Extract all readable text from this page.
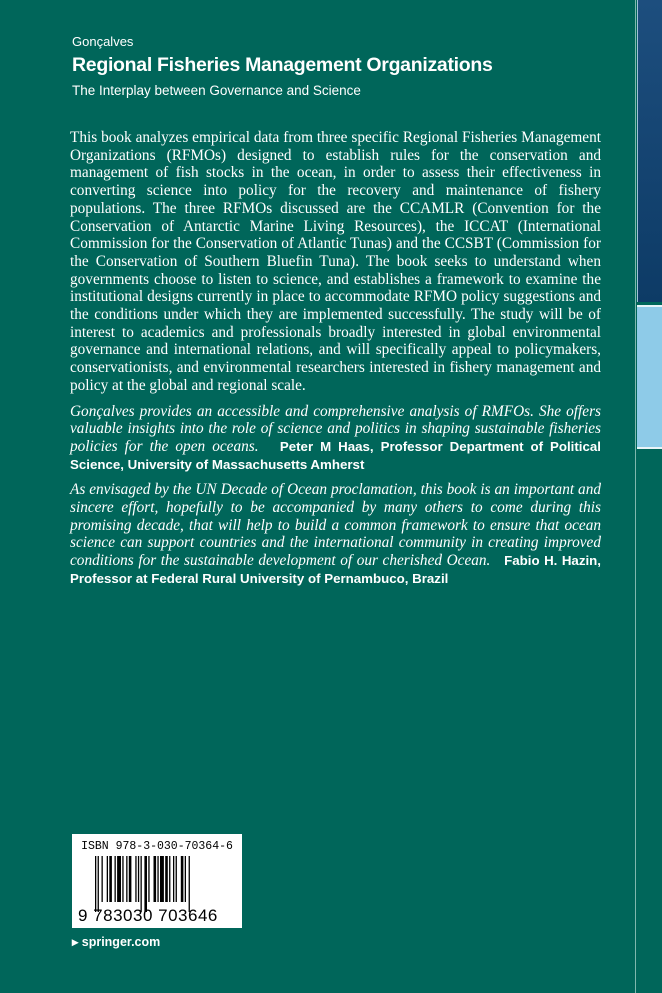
Gonçalves
Regional Fisheries Management Organizations
The Interplay between Governance and Science

This book analyzes empirical data from three specific Regional Fisheries Management Organizations (RFMOs) designed to establish rules for the conservation and management of fish stocks in the ocean, in order to assess their effectiveness in converting science into policy for the recovery and maintenance of fishery populations. The three RFMOs discussed are the CCAMLR (Convention for the Conservation of Antarctic Marine Living Resources), the ICCAT (International Commission for the Conservation of Atlantic Tunas) and the CCSBT (Commission for the Conservation of Southern Bluefin Tuna). The book seeks to understand when governments choose to listen to science, and establishes a framework to examine the institutional designs currently in place to accommodate RFMO policy suggestions and the conditions under which they are implemented successfully. The study will be of interest to academics and professionals broadly interested in global environmental governance and international relations, and will specifically appeal to policymakers, conservationists, and environmental researchers interested in fishery management and policy at the global and regional scale.

Gonçalves provides an accessible and comprehensive analysis of RMFOs. She offers valuable insights into the role of science and politics in shaping sustainable fisheries policies for the open oceans. Peter M Haas, Professor Department of Political Science, University of Massachusetts Amherst

As envisaged by the UN Decade of Ocean proclamation, this book is an important and sincere effort, hopefully to be accompanied by many others to come during this promising decade, that will help to build a common framework to ensure that ocean science can support countries and the international community in creating improved conditions for the sustainable development of our cherished Ocean. Fabio H. Hazin, Professor at Federal Rural University of Pernambuco, Brazil

ISBN 978-3-030-70364-6
9 783030 703646
▸ springer.com
